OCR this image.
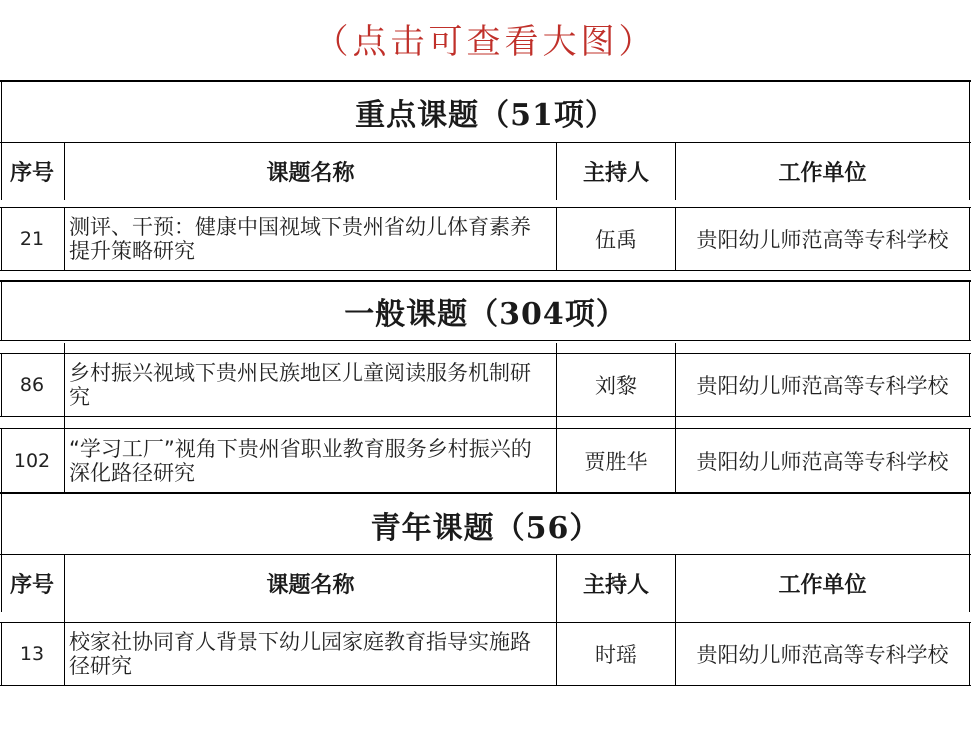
（点击可查看大图）
重点课题（51项）
序号	课题名称	主持人	工作单位
21	测评、干预：健康中国视域下贵州省幼儿体育素养提升策略研究	伍禹	贵阳幼儿师范高等专科学校
一般课题（304项）
86	乡村振兴视域下贵州民族地区儿童阅读服务机制研究	刘黎	贵阳幼儿师范高等专科学校
102 “学习工厂”视角下贵州省职业教育服务乡村振兴的深化路径研究	贾胜华	贵阳幼儿师范高等专科学校
青年课题（56）
序号	课题名称	主持人	工作单位
13	校家社协同育人背景下幼儿园家庭教育指导实施路径研究	时瑶	贵阳幼儿师范高等专科学校
